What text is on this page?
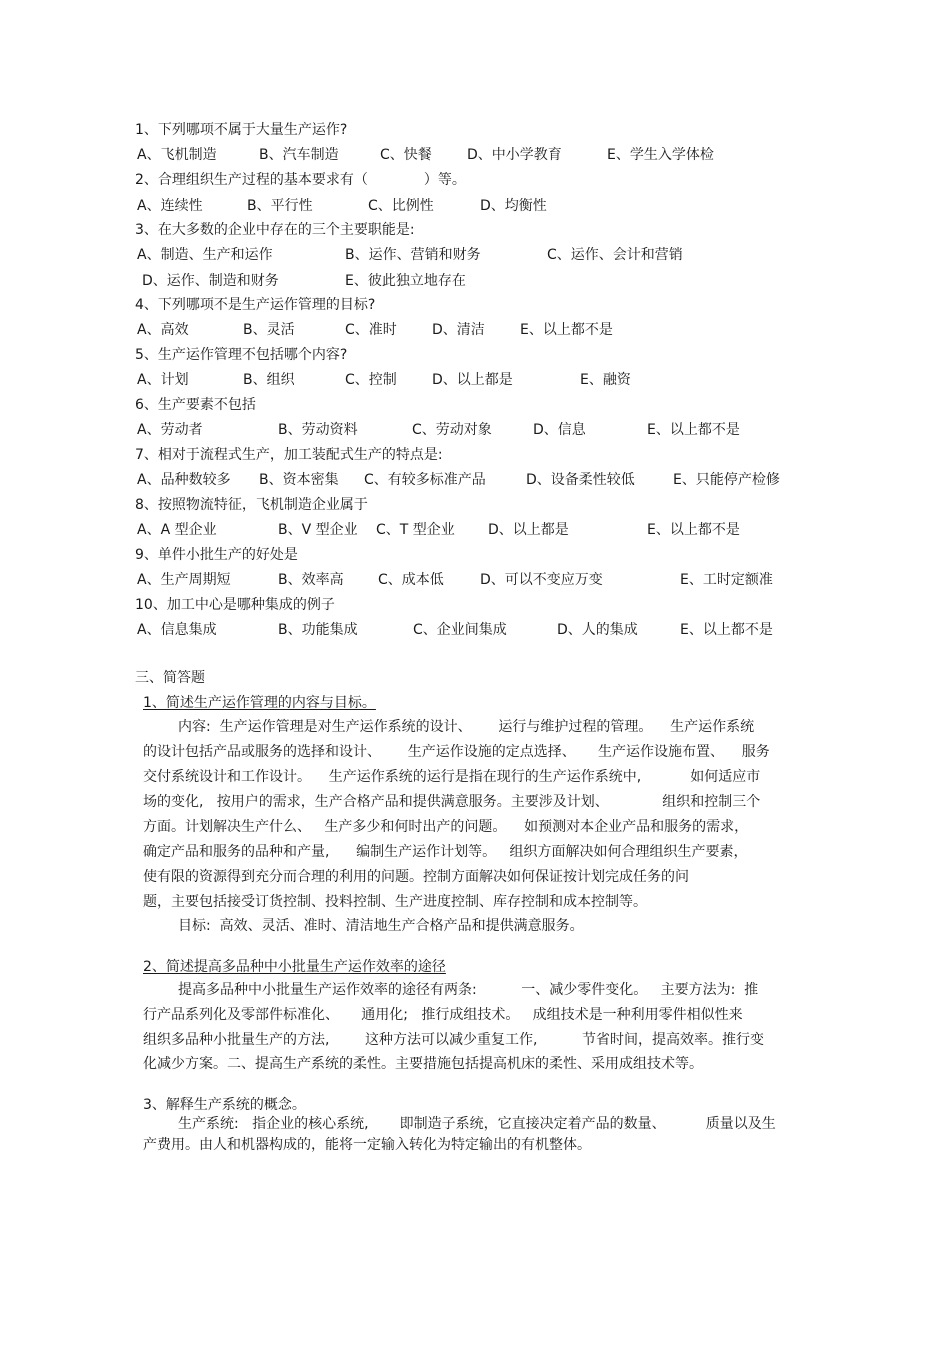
1、下列哪项不属于大量生产运作?
A、飞机制造	B、汽车制造	C、快餐	D、中小学教育	E、学生入学体检
2、合理组织生产过程的基本要求有（　　　　）等。
A、连续性	B、平行性	C、比例性	D、均衡性
3、在大多数的企业中存在的三个主要职能是:
A、制造、生产和运作	B、运作、营销和财务	C、运作、会计和营销
D、运作、制造和财务	E、彼此独立地存在
4、下列哪项不是生产运作管理的目标?
A、高效	B、灵活	C、准时	D、清洁	E、以上都不是
5、生产运作管理不包括哪个内容?
A、计划	B、组织	C、控制	D、以上都是	E、融资
6、生产要素不包括
A、劳动者	B、劳动资料	C、劳动对象	D、信息	E、以上都不是
7、相对于流程式生产，加工装配式生产的特点是:
A、品种数较多 B、资本密集 C、有较多标准产品	D、设备柔性较低	E、只能停产检修
8、按照物流特征，飞机制造企业属于
A、A 型企业	B、V 型企业 C、T 型企业 D、以上都是	E、以上都不是
9、单件小批生产的好处是
A、生产周期短	B、效率高 C、成本低	D、可以不变应万变	E、工时定额准
10、加工中心是哪种集成的例子
A、信息集成	B、功能集成	C、企业间集成	D、人的集成	E、以上都不是
三、简答题
1、简述生产运作管理的内容与目标。
内容:  生产运作管理是对生产运作系统的设计、      运行与维护过程的管理。    生产运作系统
的设计包括产品或服务的选择和设计、      生产运作设施的定点选择、     生产运作设施布置、    服务
交付系统设计和工作设计。    生产运作系统的运行是指在现行的生产运作系统中,           如何适应市
场的变化,   按用户的需求，生产合格产品和提供满意服务。主要涉及计划、            组织和控制三个
方面。计划解决生产什么、   生产多少和何时出产的问题。    如预测对本企业产品和服务的需求，
确定产品和服务的品种和产量,      编制生产运作计划等。   组织方面解决如何合理组织生产要素，
使有限的资源得到充分而合理的利用的问题。控制方面解决如何保证按计划完成任务的问
题，主要包括接受订货控制、投料控制、生产进度控制、库存控制和成本控制等。
目标:  高效、灵活、准时、清洁地生产合格产品和提供满意服务。
2、简述提高多品种中小批量生产运作效率的途径
提高多品种中小批量生产运作效率的途径有两条:          一、减少零件变化。   主要方法为:  推
行产品系列化及零部件标准化、     通用化;   推行成组技术。   成组技术是一种利用零件相似性来
组织多品种小批量生产的方法,        这种方法可以减少重复工作,          节省时间，提高效率。推行变
化减少方案。二、提高生产系统的柔性。主要措施包括提高机床的柔性、采用成组技术等。
3、解释生产系统的概念。
生产系统:   指企业的核心系统,       即制造子系统，它直接决定着产品的数量、         质量以及生
产费用。由人和机器构成的，能将一定输入转化为特定输出的有机整体。
